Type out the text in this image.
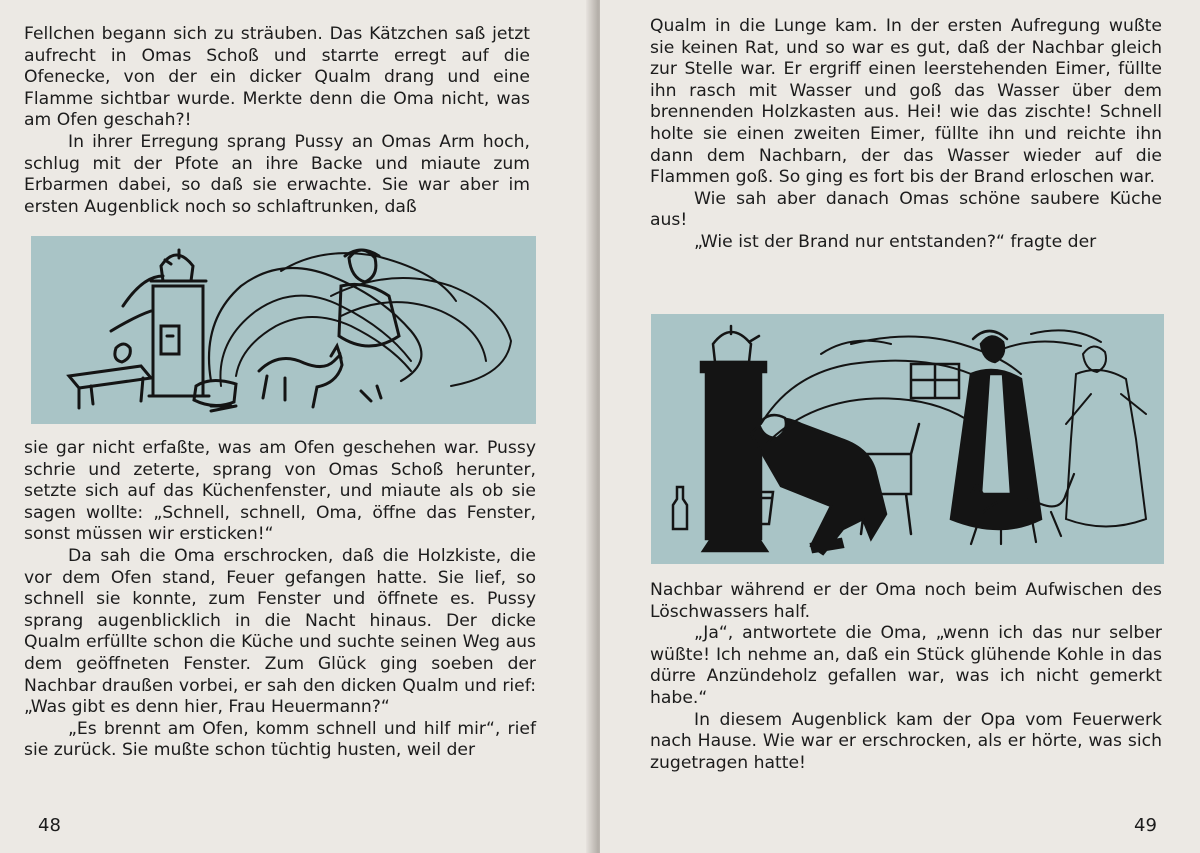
Fellchen begann sich zu sträuben. Das Kätzchen saß jetzt aufrecht in Omas Schoß und starrte erregt auf die Ofenecke, von der ein dicker Qualm drang und eine Flamme sichtbar wurde. Merkte denn die Oma nicht, was am Ofen geschah?!

In ihrer Erregung sprang Pussy an Omas Arm hoch, schlug mit der Pfote an ihre Backe und miaute zum Erbarmen dabei, so daß sie erwachte. Sie war aber im ersten Augenblick noch so schlaftrunken, daß

sie gar nicht erfaßte, was am Ofen geschehen war. Pussy schrie und zeterte, sprang von Omas Schoß herunter, setzte sich auf das Küchenfenster, und miaute als ob sie sagen wollte: „Schnell, schnell, Oma, öffne das Fenster, sonst müssen wir ersticken!“

Da sah die Oma erschrocken, daß die Holzkiste, die vor dem Ofen stand, Feuer gefangen hatte. Sie lief, so schnell sie konnte, zum Fenster und öffnete es. Pussy sprang augenblicklich in die Nacht hinaus. Der dicke Qualm erfüllte schon die Küche und suchte seinen Weg aus dem geöffneten Fenster. Zum Glück ging soeben der Nachbar draußen vorbei, er sah den dicken Qualm und rief: „Was gibt es denn hier, Frau Heuermann?“

„Es brennt am Ofen, komm schnell und hilf mir“, rief sie zurück. Sie mußte schon tüchtig husten, weil der

48

Qualm in die Lunge kam. In der ersten Aufregung wußte sie keinen Rat, und so war es gut, daß der Nachbar gleich zur Stelle war. Er ergriff einen leerstehenden Eimer, füllte ihn rasch mit Wasser und goß das Wasser über dem brennenden Holzkasten aus. Hei! wie das zischte! Schnell holte sie einen zweiten Eimer, füllte ihn und reichte ihn dann dem Nachbarn, der das Wasser wieder auf die Flammen goß. So ging es fort bis der Brand erloschen war.

Wie sah aber danach Omas schöne saubere Küche aus!

„Wie ist der Brand nur entstanden?“ fragte der

Nachbar während er der Oma noch beim Aufwischen des Löschwassers half.

„Ja“, antwortete die Oma, „wenn ich das nur selber wüßte! Ich nehme an, daß ein Stück glühende Kohle in das dürre Anzündeholz gefallen war, was ich nicht gemerkt habe.“

In diesem Augenblick kam der Opa vom Feuerwerk nach Hause. Wie war er erschrocken, als er hörte, was sich zugetragen hatte!

49
